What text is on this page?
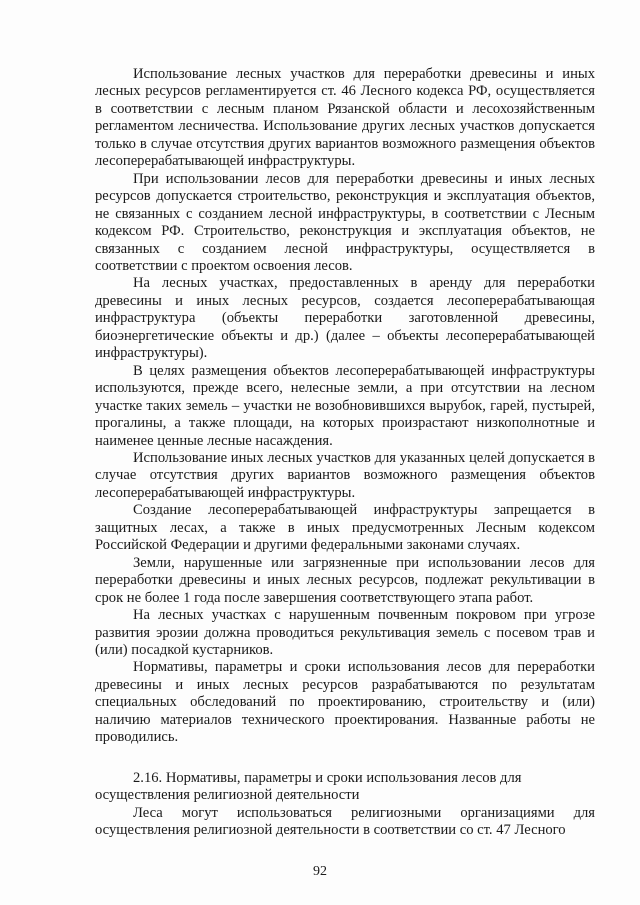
Использование лесных участков для переработки древесины и иных лесных ресурсов регламентируется ст. 46 Лесного кодекса РФ, осуществляется в соответствии с лесным планом Рязанской области и лесохозяйственным регламентом лесничества. Использование других лесных участков допускается только в случае отсутствия других вариантов возможного размещения объектов лесоперерабатывающей инфраструктуры.

При использовании лесов для переработки древесины и иных лесных ресурсов допускается строительство, реконструкция и эксплуатация объектов, не связанных с созданием лесной инфраструктуры, в соответствии с Лесным кодексом РФ. Строительство, реконструкция и эксплуатация объектов, не связанных с созданием лесной инфраструктуры, осуществляется в соответствии с проектом освоения лесов.

На лесных участках, предоставленных в аренду для переработки древесины и иных лесных ресурсов, создается лесоперерабатывающая инфраструктура (объекты переработки заготовленной древесины, биоэнергетические объекты и др.) (далее – объекты лесоперерабатывающей инфраструктуры).

В целях размещения объектов лесоперерабатывающей инфраструктуры используются, прежде всего, нелесные земли, а при отсутствии на лесном участке таких земель – участки не возобновившихся вырубок, гарей, пустырей, прогалины, а также площади, на которых произрастают низкополнотные и наименее ценные лесные насаждения.

Использование иных лесных участков для указанных целей допускается в случае отсутствия других вариантов возможного размещения объектов лесоперерабатывающей инфраструктуры.

Создание лесоперерабатывающей инфраструктуры запрещается в защитных лесах, а также в иных предусмотренных Лесным кодексом Российской Федерации и другими федеральными законами случаях.

Земли, нарушенные или загрязненные при использовании лесов для переработки древесины и иных лесных ресурсов, подлежат рекультивации в срок не более 1 года после завершения соответствующего этапа работ.

На лесных участках с нарушенным почвенным покровом при угрозе развития эрозии должна проводиться рекультивация земель с посевом трав и (или) посадкой кустарников.

Нормативы, параметры и сроки использования лесов для переработки древесины и иных лесных ресурсов разрабатываются по результатам специальных обследований по проектированию, строительству и (или) наличию материалов технического проектирования. Названные работы не проводились.

2.16. Нормативы, параметры и сроки использования лесов для
осуществления религиозной деятельности

Леса могут использоваться религиозными организациями для осуществления религиозной деятельности в соответствии со ст. 47 Лесного

92
